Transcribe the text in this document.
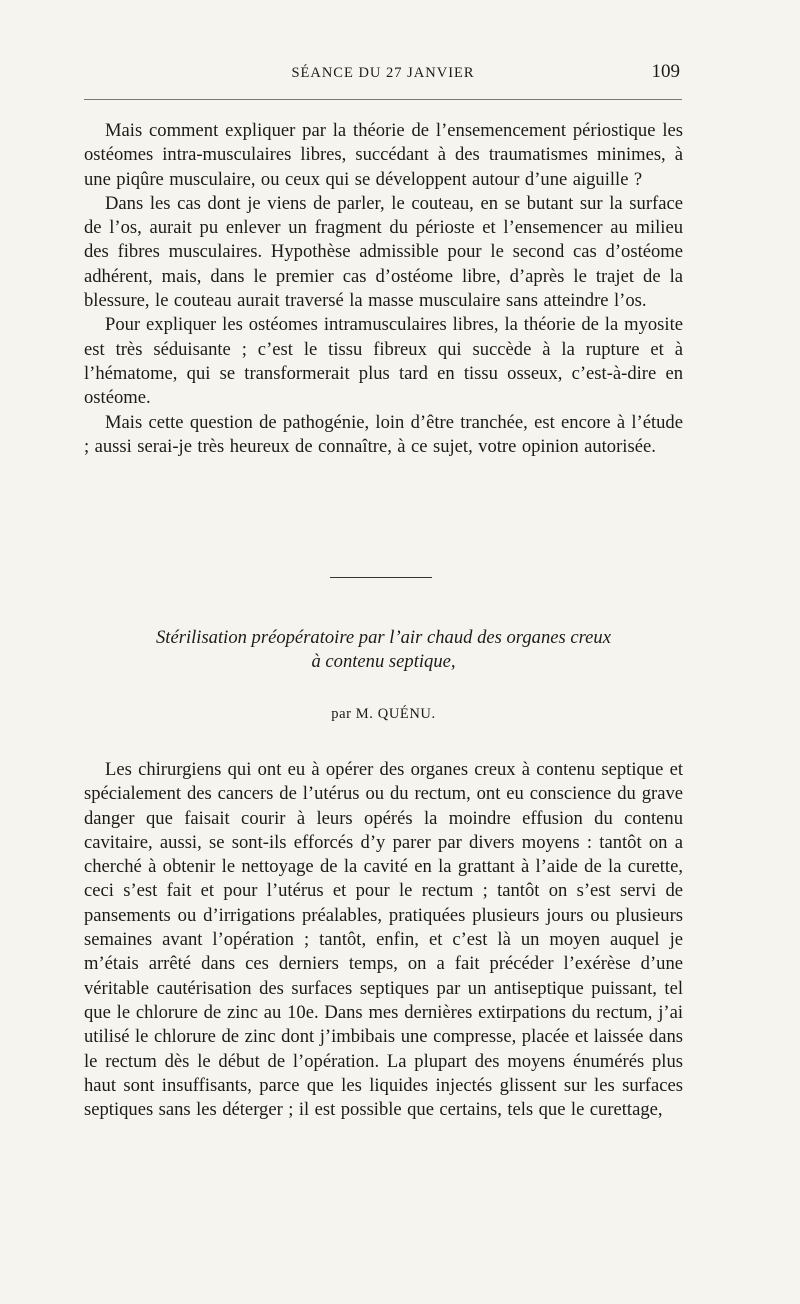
SÉANCE DU 27 JANVIER	109

Mais comment expliquer par la théorie de l’ensemencement périostique les ostéomes intra-musculaires libres, succédant à des traumatismes minimes, à une piqûre musculaire, ou ceux qui se développent autour d’une aiguille ?

Dans les cas dont je viens de parler, le couteau, en se butant sur la surface de l’os, aurait pu enlever un fragment du périoste et l’ensemencer au milieu des fibres musculaires. Hypothèse admissible pour le second cas d’ostéome adhérent, mais, dans le premier cas d’ostéome libre, d’après le trajet de la blessure, le couteau aurait traversé la masse musculaire sans atteindre l’os.

Pour expliquer les ostéomes intramusculaires libres, la théorie de la myosite est très séduisante ; c’est le tissu fibreux qui succède à la rupture et à l’hématome, qui se transformerait plus tard en tissu osseux, c’est-à-dire en ostéome.

Mais cette question de pathogénie, loin d’être tranchée, est encore à l’étude ; aussi serai-je très heureux de connaître, à ce sujet, votre opinion autorisée.

Stérilisation préopératoire par l’air chaud des organes creux
à contenu septique,
par M. QUÉNU.

Les chirurgiens qui ont eu à opérer des organes creux à contenu septique et spécialement des cancers de l’utérus ou du rectum, ont eu conscience du grave danger que faisait courir à leurs opérés la moindre effusion du contenu cavitaire, aussi, se sont-ils efforcés d’y parer par divers moyens : tantôt on a cherché à obtenir le nettoyage de la cavité en la grattant à l’aide de la curette, ceci s’est fait et pour l’utérus et pour le rectum ; tantôt on s’est servi de pansements ou d’irrigations préalables, pratiquées plusieurs jours ou plusieurs semaines avant l’opération ; tantôt, enfin, et c’est là un moyen auquel je m’étais arrêté dans ces derniers temps, on a fait précéder l’exérèse d’une véritable cautérisation des surfaces septiques par un antiseptique puissant, tel que le chlorure de zinc au 10e. Dans mes dernières extirpations du rectum, j’ai utilisé le chlorure de zinc dont j’imbibais une compresse, placée et laissée dans le rectum dès le début de l’opération. La plupart des moyens énumérés plus haut sont insuffisants, parce que les liquides injectés glissent sur les surfaces septiques sans les déterger ; il est possible que certains, tels que le curettage,
